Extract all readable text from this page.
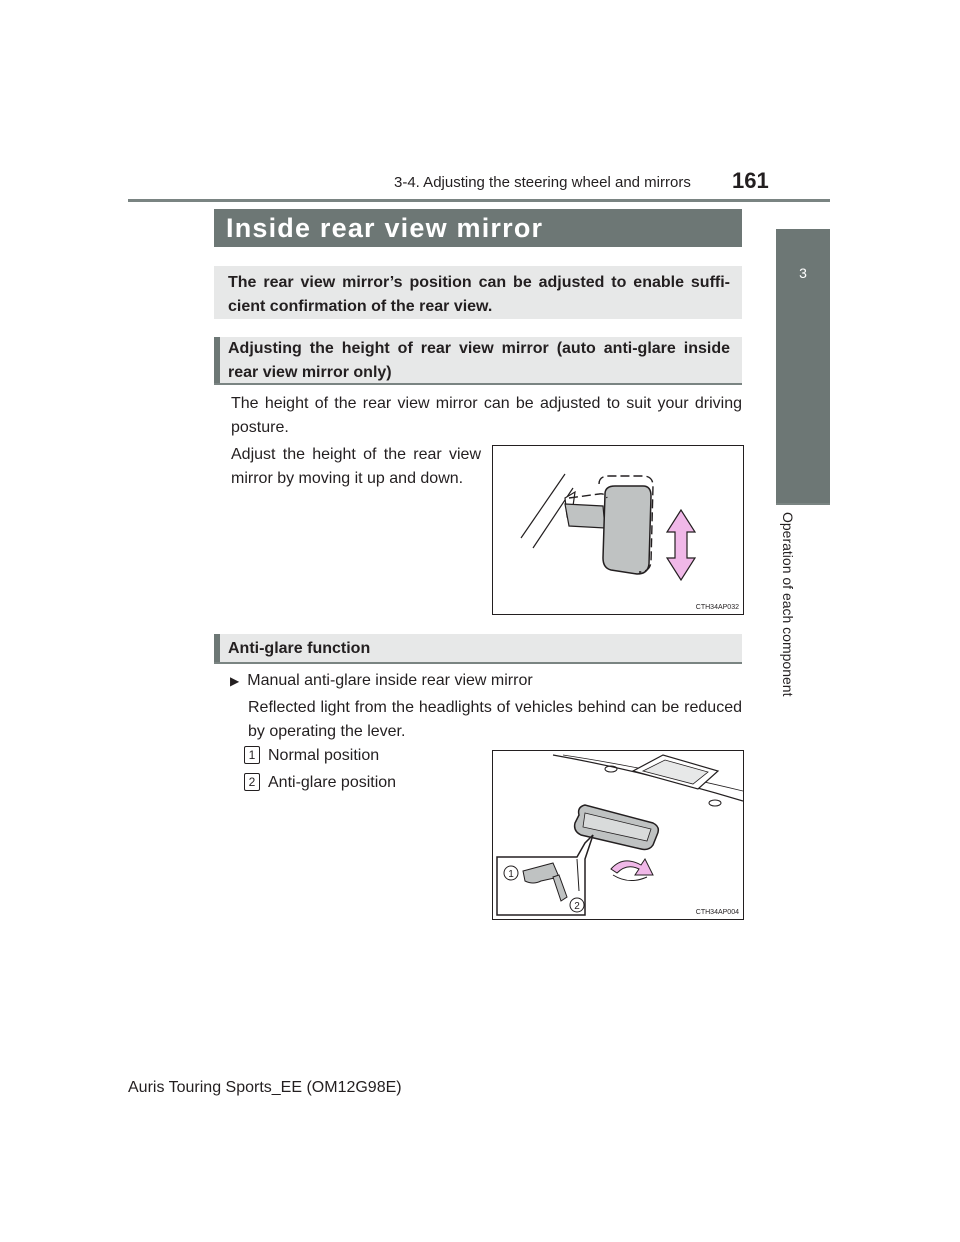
3-4. Adjusting the steering wheel and mirrors 161
3
Operation of each component
Inside rear view mirror

The rear view mirror’s position can be adjusted to enable suffi-cient confirmation of the rear view.

Adjusting the height of rear view mirror (auto anti-glare inside rear view mirror only)

The height of the rear view mirror can be adjusted to suit your driving posture.
Adjust the height of the rear view mirror by moving it up and down.
CTH34AP032

Anti-glare function

▶ Manual anti-glare inside rear view mirror
Reflected light from the headlights of vehicles behind can be reduced by operating the lever.
1 Normal position
2 Anti-glare position
1
2
CTH34AP004
Auris Touring Sports_EE (OM12G98E)
